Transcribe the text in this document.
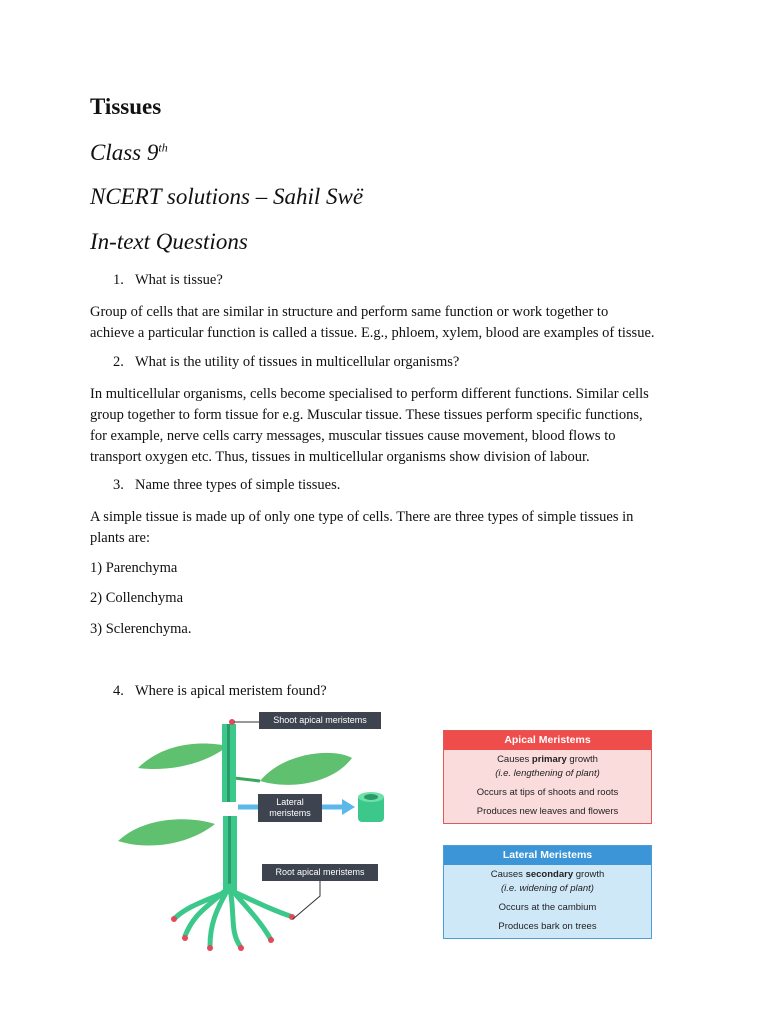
Tissues
Class 9th
NCERT solutions – Sahil Swë
In-text Questions
1. What is tissue?
Group of cells that are similar in structure and perform same function or work together to
achieve a particular function is called a tissue. E.g., phloem, xylem, blood are examples of tissue.
2. What is the utility of tissues in multicellular organisms?
In multicellular organisms, cells become specialised to perform different functions. Similar cells
group together to form tissue for e.g. Muscular tissue. These tissues perform specific functions,
for example, nerve cells carry messages, muscular tissues cause movement, blood flows to
transport oxygen etc. Thus, tissues in multicellular organisms show division of labour.
3. Name three types of simple tissues.
A simple tissue is made up of only one type of cells. There are three types of simple tissues in
plants are:
1) Parenchyma
2) Collenchyma
3) Sclerenchyma.
4. Where is apical meristem found?
Shoot apical meristems
Lateral
meristems
Root apical meristems
Apical Meristems
Causes primary growth
(i.e. lengthening of plant)
Occurs at tips of shoots and roots
Produces new leaves and flowers
Lateral Meristems
Causes secondary growth
(i.e. widening of plant)
Occurs at the cambium
Produces bark on trees
